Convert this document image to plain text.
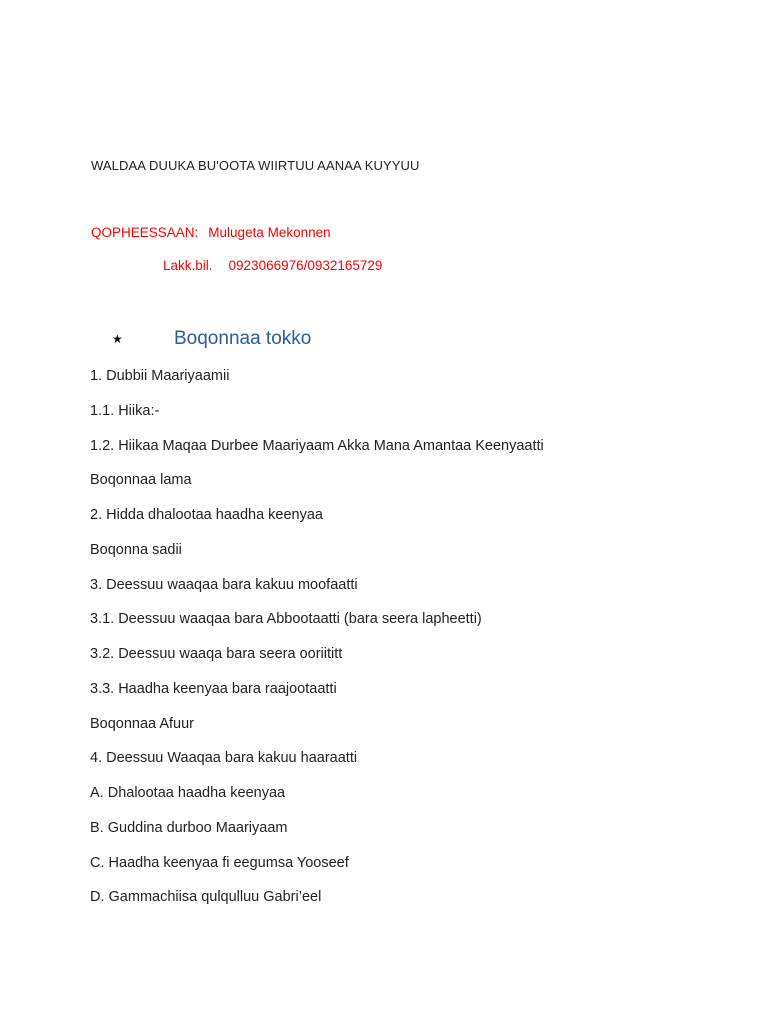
WALDAA DUUKA BU'OOTA WIIRTUU AANAA KUYYUU
QOPHEESSAAN: Mulugeta Mekonnen
Lakk.bil. 0923066976/0932165729
★	Boqonnaa tokko
1. Dubbii Maariyaamii
1.1. Hiika:-
1.2. Hiikaa Maqaa Durbee Maariyaam Akka Mana Amantaa Keenyaatti
Boqonnaa lama
2. Hidda dhalootaa haadha keenyaa
Boqonna sadii
3. Deessuu waaqaa bara kakuu moofaatti
3.1. Deessuu waaqaa bara Abbootaatti (bara seera lapheetti)
3.2. Deessuu waaqa bara seera ooriititt
3.3. Haadha keenyaa bara raajootaatti
Boqonnaa Afuur
4. Deessuu Waaqaa bara kakuu haaraatti
A. Dhalootaa haadha keenyaa
B. Guddina durboo Maariyaam
C. Haadha keenyaa fi eegumsa Yooseef
D. Gammachiisa qulqulluu Gabri’eel
